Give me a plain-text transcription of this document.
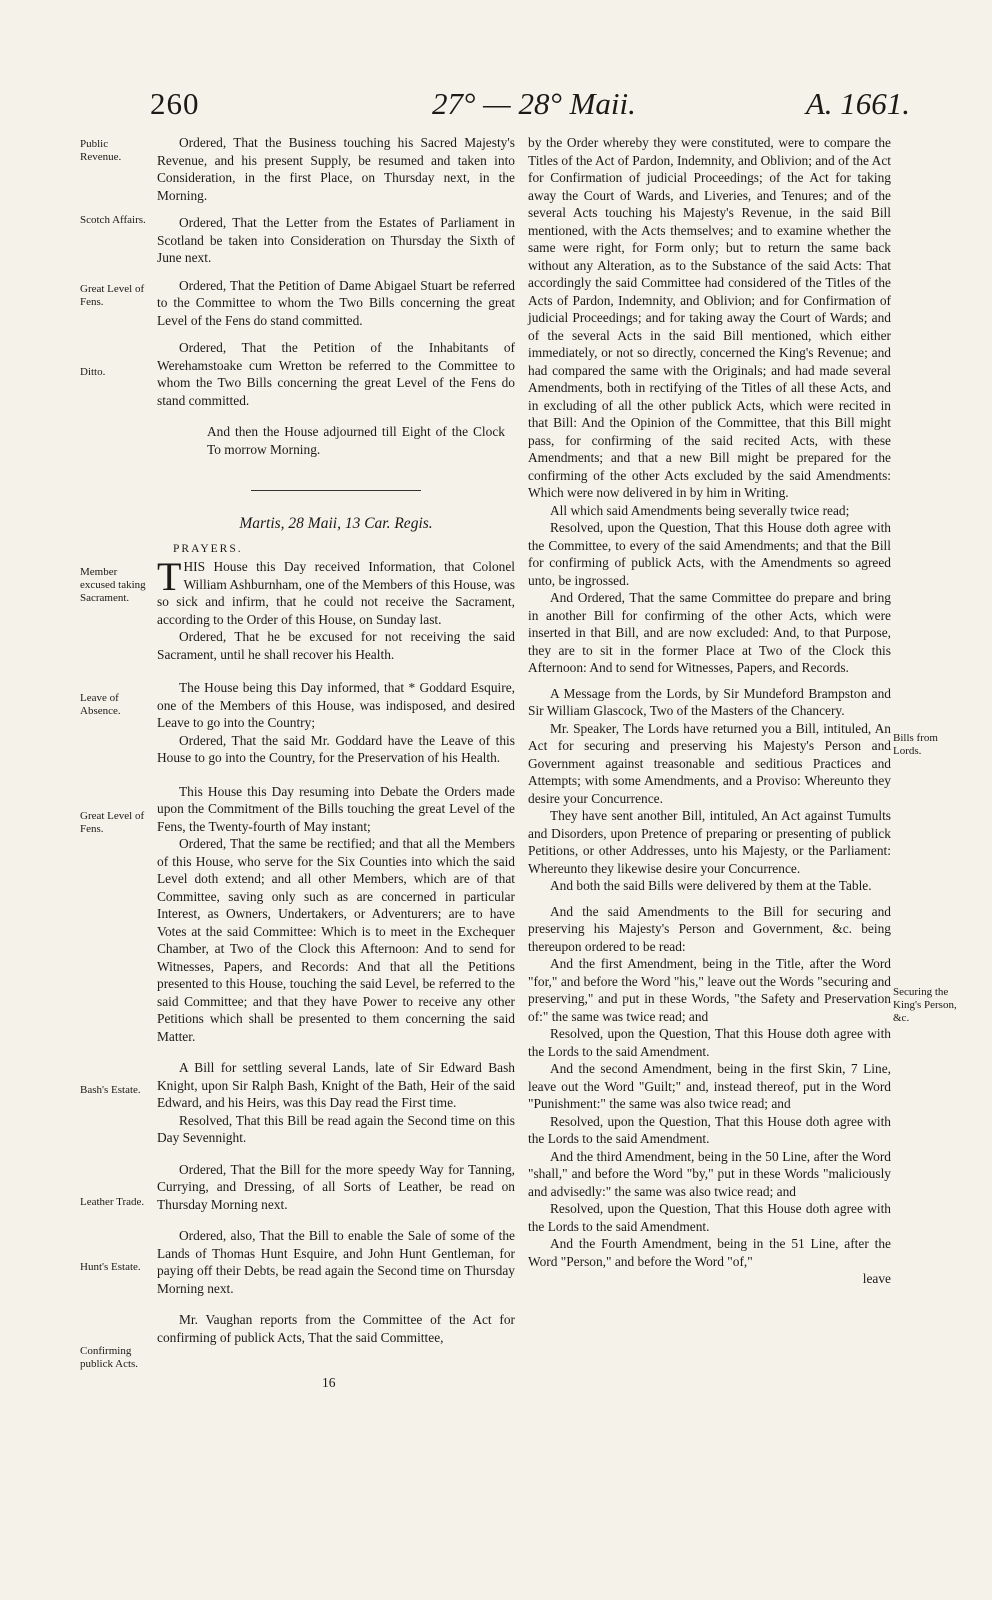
260	27° — 28° Maii.	A. 1661.
Public Revenue.
Scotch Affairs.
Great Level of Fens.
Ditto.
Member excused taking Sacrament.
Leave of Absence.
Great Level of Fens.
Bash's Estate.
Leather Trade.
Hunt's Estate.
Confirming publick Acts.
Bills from Lords.
Securing the King's Person, &c.

Ordered, That the Business touching his Sacred Majesty's Revenue, and his present Supply, be resumed and taken into Consideration, in the first Place, on Thursday next, in the Morning.

Ordered, That the Letter from the Estates of Parliament in Scotland be taken into Consideration on Thursday the Sixth of June next.

Ordered, That the Petition of Dame Abigael Stuart be referred to the Committee to whom the Two Bills concerning the great Level of the Fens do stand committed.

Ordered, That the Petition of the Inhabitants of Werehamstoake cum Wretton be referred to the Committee to whom the Two Bills concerning the great Level of the Fens do stand committed.

And then the House adjourned till Eight of the Clock To morrow Morning.

Martis, 28 Maii, 13 Car. Regis.

PRAYERS.

THIS House this Day received Information, that Colonel William Ashburnham, one of the Members of this House, was so sick and infirm, that he could not receive the Sacrament, according to the Order of this House, on Sunday last.

Ordered, That he be excused for not receiving the said Sacrament, until he shall recover his Health.

The House being this Day informed, that * Goddard Esquire, one of the Members of this House, was indisposed, and desired Leave to go into the Country;

Ordered, That the said Mr. Goddard have the Leave of this House to go into the Country, for the Preservation of his Health.

This House this Day resuming into Debate the Orders made upon the Commitment of the Bills touching the great Level of the Fens, the Twenty-fourth of May instant;

Ordered, That the same be rectified; and that all the Members of this House, who serve for the Six Counties into which the said Level doth extend; and all other Members, which are of that Committee, saving only such as are concerned in particular Interest, as Owners, Undertakers, or Adventurers; are to have Votes at the said Committee: Which is to meet in the Exchequer Chamber, at Two of the Clock this Afternoon: And to send for Witnesses, Papers, and Records: And that all the Petitions presented to this House, touching the said Level, be referred to the said Committee; and that they have Power to receive any other Petitions which shall be presented to them concerning the said Matter.

A Bill for settling several Lands, late of Sir Edward Bash Knight, upon Sir Ralph Bash, Knight of the Bath, Heir of the said Edward, and his Heirs, was this Day read the First time.

Resolved, That this Bill be read again the Second time on this Day Sevennight.

Ordered, That the Bill for the more speedy Way for Tanning, Currying, and Dressing, of all Sorts of Leather, be read on Thursday Morning next.

Ordered, also, That the Bill to enable the Sale of some of the Lands of Thomas Hunt Esquire, and John Hunt Gentleman, for paying off their Debts, be read again the Second time on Thursday Morning next.

Mr. Vaughan reports from the Committee of the Act for confirming of publick Acts, That the said Committee,

16

by the Order whereby they were constituted, were to compare the Titles of the Act of Pardon, Indemnity, and Oblivion; and of the Act for Confirmation of judicial Proceedings; of the Act for taking away the Court of Wards, and Liveries, and Tenures; and of the several Acts touching his Majesty's Revenue, in the said Bill mentioned, with the Acts themselves; and to examine whether the same were right, for Form only; but to return the same back without any Alteration, as to the Substance of the said Acts: That accordingly the said Committee had considered of the Titles of the Acts of Pardon, Indemnity, and Oblivion; and for Confirmation of judicial Proceedings; and for taking away the Court of Wards; and of the several Acts in the said Bill mentioned, which either immediately, or not so directly, concerned the King's Revenue; and had compared the same with the Originals; and had made several Amendments, both in rectifying of the Titles of all these Acts, and in excluding of all the other publick Acts, which were recited in that Bill: And the Opinion of the Committee, that this Bill might pass, for confirming of the said recited Acts, with these Amendments; and that a new Bill might be prepared for the confirming of the other Acts excluded by the said Amendments: Which were now delivered in by him in Writing.

All which said Amendments being severally twice read;

Resolved, upon the Question, That this House doth agree with the Committee, to every of the said Amendments; and that the Bill for confirming of publick Acts, with the Amendments so agreed unto, be ingrossed.

And Ordered, That the same Committee do prepare and bring in another Bill for confirming of the other Acts, which were inserted in that Bill, and are now excluded: And, to that Purpose, they are to sit in the former Place at Two of the Clock this Afternoon: And to send for Witnesses, Papers, and Records.

A Message from the Lords, by Sir Mundeford Brampston and Sir William Glascock, Two of the Masters of the Chancery.

Mr. Speaker, The Lords have returned you a Bill, intituled, An Act for securing and preserving his Majesty's Person and Government against treasonable and seditious Practices and Attempts; with some Amendments, and a Proviso: Whereunto they desire your Concurrence.

They have sent another Bill, intituled, An Act against Tumults and Disorders, upon Pretence of preparing or presenting of publick Petitions, or other Addresses, unto his Majesty, or the Parliament: Whereunto they likewise desire your Concurrence.

And both the said Bills were delivered by them at the Table.

And the said Amendments to the Bill for securing and preserving his Majesty's Person and Government, &c. being thereupon ordered to be read:

And the first Amendment, being in the Title, after the Word "for," and before the Word "his," leave out the Words "securing and preserving," and put in these Words, "the Safety and Preservation of:" the same was twice read; and

Resolved, upon the Question, That this House doth agree with the Lords to the said Amendment.

And the second Amendment, being in the first Skin, 7 Line, leave out the Word "Guilt;" and, instead thereof, put in the Word "Punishment:" the same was also twice read; and

Resolved, upon the Question, That this House doth agree with the Lords to the said Amendment.

And the third Amendment, being in the 50 Line, after the Word "shall," and before the Word "by," put in these Words "maliciously and advisedly:" the same was also twice read; and

Resolved, upon the Question, That this House doth agree with the Lords to the said Amendment.

And the Fourth Amendment, being in the 51 Line, after the Word "Person," and before the Word "of,"

leave
